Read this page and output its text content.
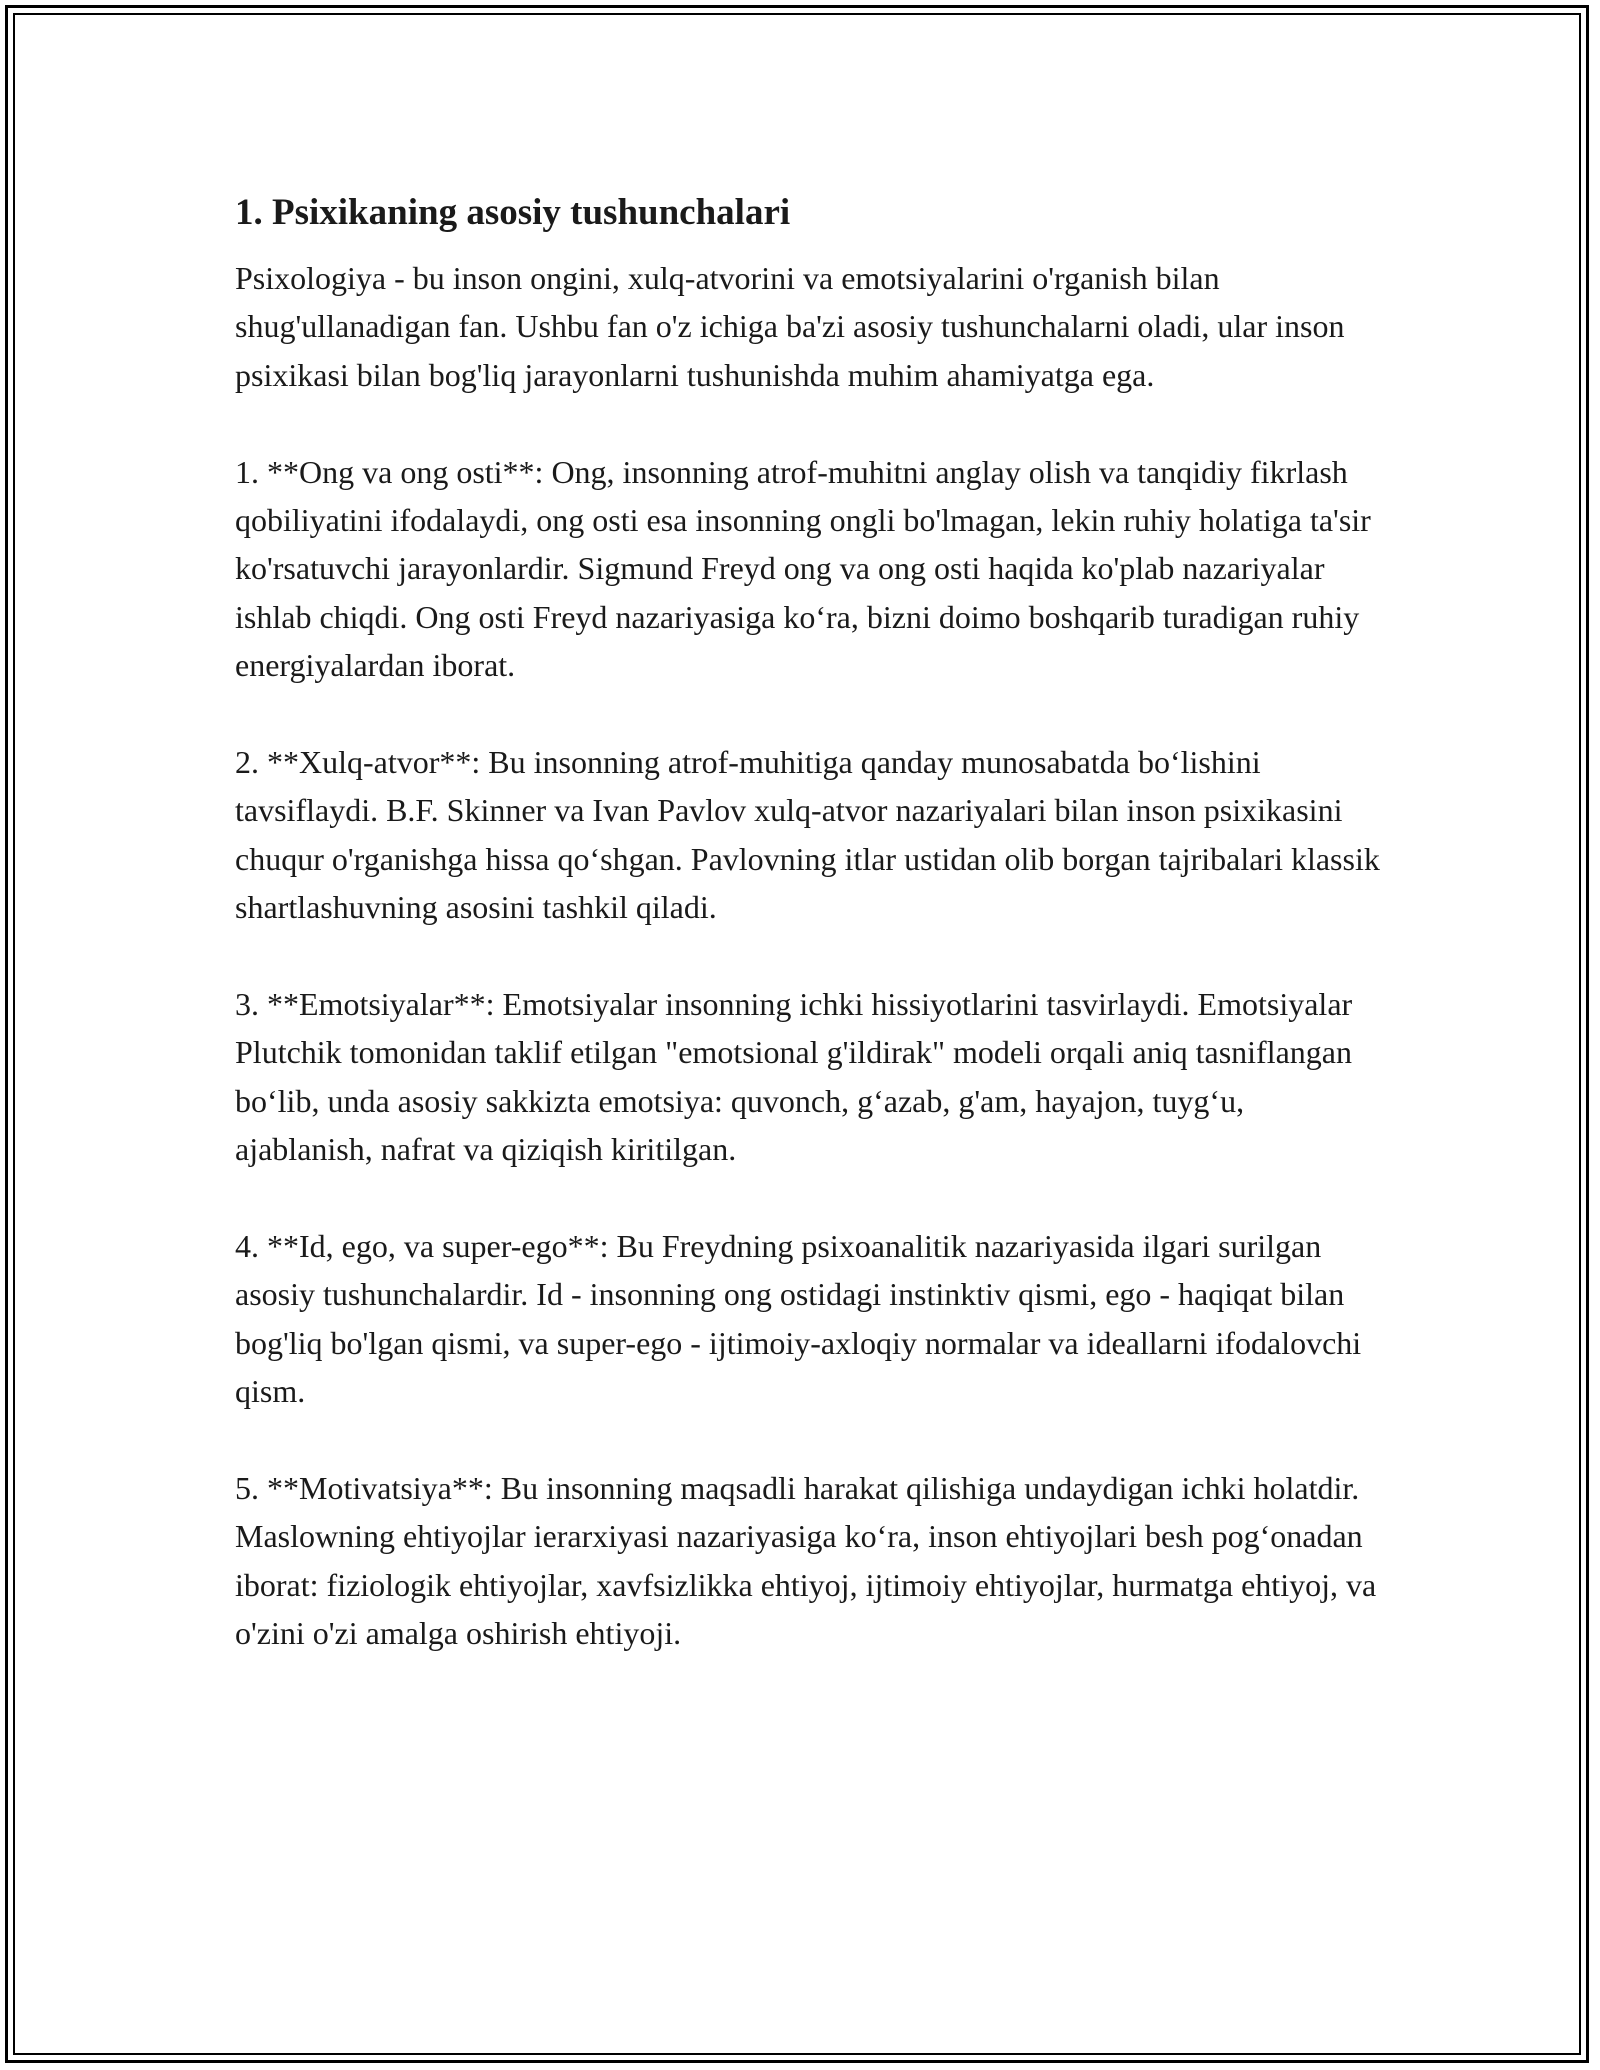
1. Psixikaning asosiy tushunchalari

Psixologiya - bu inson ongini, xulq-atvorini va emotsiyalarini o'rganish bilan shug'ullanadigan fan. Ushbu fan o'z ichiga ba'zi asosiy tushunchalarni oladi, ular inson psixikasi bilan bog'liq jarayonlarni tushunishda muhim ahamiyatga ega.

1. **Ong va ong osti**: Ong, insonning atrof-muhitni anglay olish va tanqidiy fikrlash qobiliyatini ifodalaydi, ong osti esa insonning ongli bo'lmagan, lekin ruhiy holatiga ta'sir ko'rsatuvchi jarayonlardir. Sigmund Freyd ong va ong osti haqida ko'plab nazariyalar ishlab chiqdi. Ong osti Freyd nazariyasiga ko‘ra, bizni doimo boshqarib turadigan ruhiy energiyalardan iborat.

2. **Xulq-atvor**: Bu insonning atrof-muhitiga qanday munosabatda bo‘lishini tavsiflaydi. B.F. Skinner va Ivan Pavlov xulq-atvor nazariyalari bilan inson psixikasini chuqur o'rganishga hissa qo‘shgan. Pavlovning itlar ustidan olib borgan tajribalari klassik shartlashuvning asosini tashkil qiladi.

3. **Emotsiyalar**: Emotsiyalar insonning ichki hissiyotlarini tasvirlaydi. Emotsiyalar Plutchik tomonidan taklif etilgan "emotsional g'ildirak" modeli orqali aniq tasniflangan bo‘lib, unda asosiy sakkizta emotsiya: quvonch, g‘azab, g'am, hayajon, tuyg‘u, ajablanish, nafrat va qiziqish kiritilgan.

4. **Id, ego, va super-ego**: Bu Freydning psixoanalitik nazariyasida ilgari surilgan asosiy tushunchalardir. Id - insonning ong ostidagi instinktiv qismi, ego - haqiqat bilan bog'liq bo'lgan qismi, va super-ego - ijtimoiy-axloqiy normalar va ideallarni ifodalovchi qism.

5. **Motivatsiya**: Bu insonning maqsadli harakat qilishiga undaydigan ichki holatdir. Maslowning ehtiyojlar ierarxiyasi nazariyasiga ko‘ra, inson ehtiyojlari besh pog‘onadan iborat: fiziologik ehtiyojlar, xavfsizlikka ehtiyoj, ijtimoiy ehtiyojlar, hurmatga ehtiyoj, va o'zini o'zi amalga oshirish ehtiyoji.
